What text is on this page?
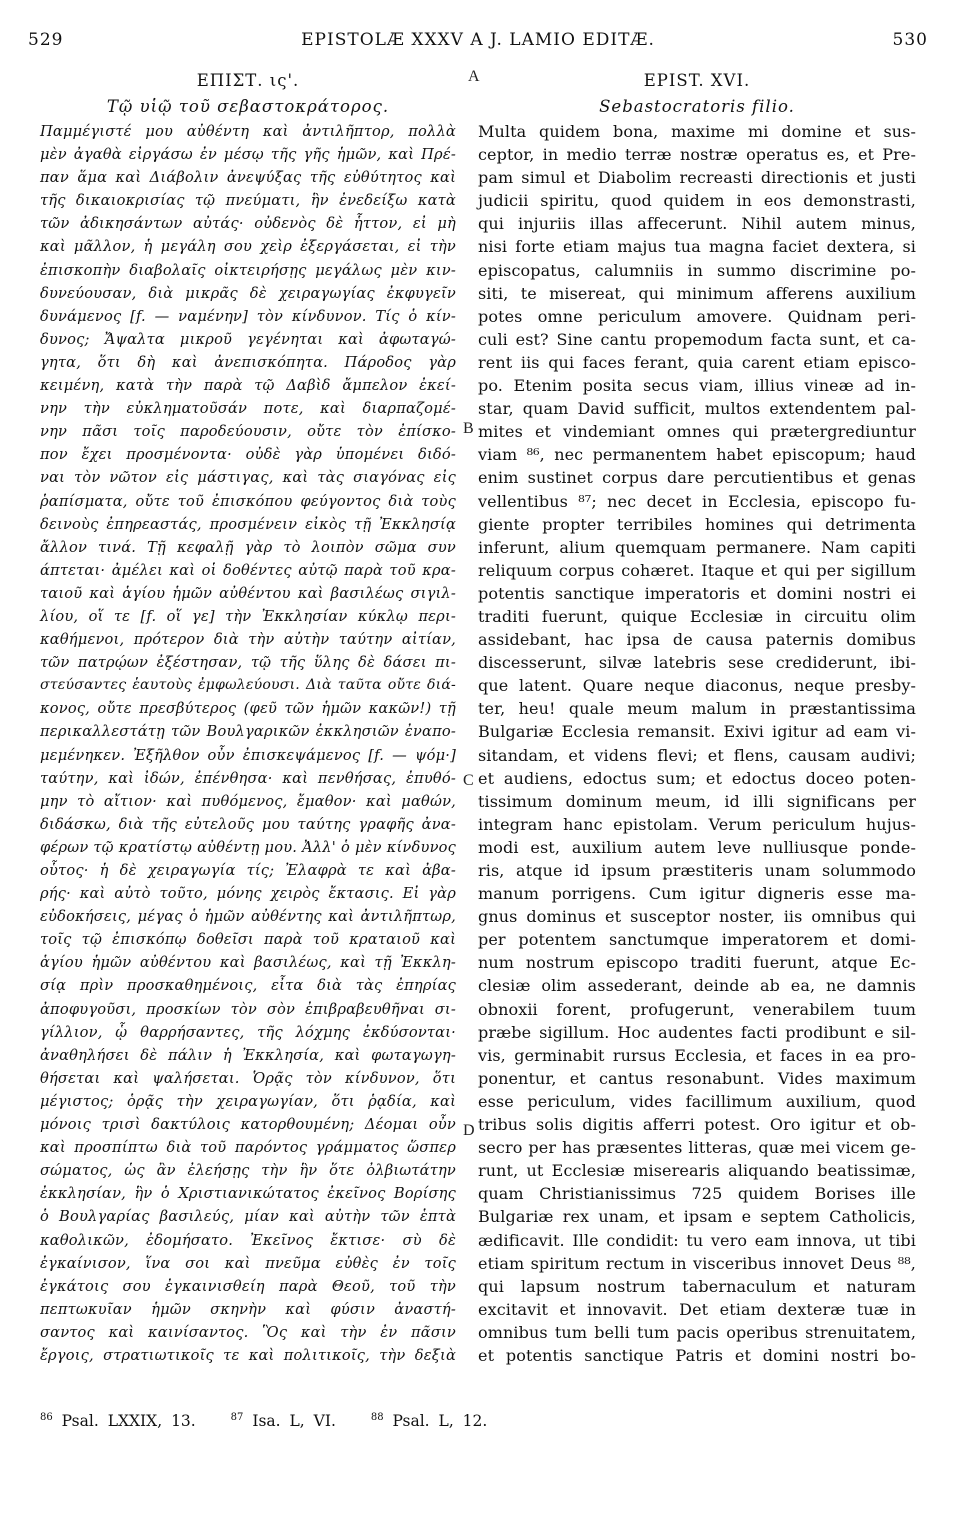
529	EPISTOLÆ XXXV A J. LAMIO EDITÆ.	530
A
B
C
D
ΕΠΙΣΤ. ις'.
Τῷ υἱῷ τοῦ σεβαστοκράτορος.
Παμμέγιστέ μου αὐθέντη καὶ ἀντιλῆπτορ, πολλὰ
μὲν ἀγαθὰ εἰργάσω ἐν μέσῳ τῆς γῆς ἡμῶν, καὶ Πρέ-
παν ἅμα καὶ Διάβολιν ἀνεψύξας τῆς εὐθύτητος καὶ
τῆς δικαιοκρισίας τῷ πνεύματι, ἣν ἐνεδείξω κατὰ
τῶν ἀδικησάντων αὐτάς· οὐδενὸς δὲ ἧττον, εἰ μὴ
καὶ μᾶλλον, ἡ μεγάλη σου χεὶρ ἐξεργάσεται, εἰ τὴν
ἐπισκοπὴν διαβολαῖς οἰκτειρήσῃς μεγάλως μὲν κιν-
δυνεύουσαν, διὰ μικρᾶς δὲ χειραγωγίας ἐκφυγεῖν
δυνάμενος [f. — ναμένην] τὸν κίνδυνον. Τίς ὁ κίν-
δυνος; Ἄψαλτα μικροῦ γεγένηται καὶ ἀφωταγώ-
γητα, ὅτι δὴ καὶ ἀνεπισκόπητα. Πάροδος γὰρ
κειμένη, κατὰ τὴν παρὰ τῷ Δαβὶδ ἄμπελον ἐκεί-
νην τὴν εὐκληματοῦσάν ποτε, καὶ διαρπαζομέ-
νην πᾶσι τοῖς παροδεύουσιν, οὔτε τὸν ἐπίσκο-
πον ἔχει προσμένοντα· οὐδὲ γὰρ ὑπομένει διδό-
ναι τὸν νῶτον εἰς μάστιγας, καὶ τὰς σιαγόνας εἰς
ῥαπίσματα, οὔτε τοῦ ἐπισκόπου φεύγοντος διὰ τοὺς
δεινοὺς ἐπηρεαστάς, προσμένειν εἰκὸς τῇ Ἐκκλησίᾳ
ἄλλον τινά. Τῇ κεφαλῇ γὰρ τὸ λοιπὸν σῶμα συν
άπτεται· ἀμέλει καὶ οἱ δοθέντες αὐτῷ παρὰ τοῦ κρα-
ταιοῦ καὶ ἁγίου ἡμῶν αὐθέντου καὶ βασιλέως σιγιλ-
λίου, οἵ τε [f. οἵ γε] τὴν Ἐκκλησίαν κύκλῳ περι-
καθήμενοι, πρότερον διὰ τὴν αὐτὴν ταύτην αἰτίαν,
τῶν πατρῴων ἐξέστησαν, τῷ τῆς ὕλης δὲ δάσει πι-
στεύσαντες ἑαυτοὺς ἐμφωλεύουσι. Διὰ ταῦτα οὔτε διά-
κονος, οὔτε πρεσβύτερος (φεῦ τῶν ἡμῶν κακῶν!) τῇ
περικαλλεστάτῃ τῶν Βουλγαρικῶν ἐκκλησιῶν ἐναπο-
μεμένηκεν. Ἐξῆλθον οὖν ἐπισκεψάμενος [f. — ψόμ·]
ταύτην, καὶ ἰδών, ἐπένθησα· καὶ πενθήσας, ἐπυθό-
μην τὸ αἴτιον· καὶ πυθόμενος, ἔμαθον· καὶ μαθών,
διδάσκω, διὰ τῆς εὐτελοῦς μου ταύτης γραφῆς ἀνα-
φέρων τῷ κρατίστῳ αὐθέντῃ μου. Ἀλλ' ὁ μὲν κίνδυνος
οὗτος· ἡ δὲ χειραγωγία τίς; Ἐλαφρὰ τε καὶ ἀβα-
ρής· καὶ αὐτὸ τοῦτο, μόνης χειρὸς ἔκτασις. Εἰ γὰρ
εὐδοκήσεις, μέγας ὁ ἡμῶν αὐθέντης καὶ ἀντιλῆπτωρ,
τοῖς τῷ ἐπισκόπῳ δοθεῖσι παρὰ τοῦ κραταιοῦ καὶ
ἁγίου ἡμῶν αὐθέντου καὶ βασιλέως, καὶ τῇ Ἐκκλη-
σίᾳ πρὶν προσκαθημένοις, εἶτα διὰ τὰς ἐπηρίας
ἀποφυγοῦσι, προσκίων τὸν σὸν ἐπιβραβευθῆναι σι-
γίλλιον, ᾧ θαρρήσαντες, τῆς λόχμης ἐκδύσονται·
ἀναθηλήσει δὲ πάλιν ἡ Ἐκκλησία, καὶ φωταγωγη-
θήσεται καὶ ψαλήσεται. Ὁρᾷς τὸν κίνδυνον, ὅτι
μέγιστος; ὁρᾷς τὴν χειραγωγίαν, ὅτι ῥᾳδία, καὶ
μόνοις τρισὶ δακτύλοις κατορθουμένη; Δέομαι οὖν
καὶ προσπίπτω διὰ τοῦ παρόντος γράμματος ὥσπερ
σώματος, ὡς ἂν ἐλεήσῃς τὴν ἣν ὅτε ὀλβιωτάτην
ἐκκλησίαν, ἣν ὁ Χριστιανικώτατος ἐκεῖνος Βορίσης
ὁ Βουλγαρίας βασιλεύς, μίαν καὶ αὐτὴν τῶν ἑπτὰ
καθολικῶν, ἐδομήσατο. Ἐκεῖνος ἔκτισε· σὺ δὲ
ἐγκαίνισον, ἵνα σοι καὶ πνεῦμα εὐθὲς ἐν τοῖς
ἐγκάτοις σου ἐγκαινισθείη παρὰ Θεοῦ, τοῦ τὴν
πεπτωκυῖαν ἡμῶν σκηνὴν καὶ φύσιν ἀναστή-
σαντος καὶ καινίσαντος. Ὃς καὶ τὴν ἐν πᾶσιν
ἔργοις, στρατιωτικοῖς τε καὶ πολιτικοῖς, τὴν δεξιὰ
EPIST. XVI.
Sebastocratoris filio.
Multa quidem bona, maxime mi domine et sus-
ceptor, in medio terræ nostræ operatus es, et Pre-
pam simul et Diabolim recreasti directionis et justi
judicii spiritu, quod quidem in eos demonstrasti,
qui injuriis illas affecerunt. Nihil autem minus,
nisi forte etiam majus tua magna faciet dextera, si
episcopatus, calumniis in summo discrimine po-
siti, te misereat, qui minimum afferens auxilium
potes omne periculum amovere. Quidnam peri-
culi est? Sine cantu propemodum facta sunt, et ca-
rent iis qui faces ferant, quia carent etiam episco-
po. Etenim posita secus viam, illius vineæ ad in-
star, quam David sufficit, multos extendentem pal-
mites et vindemiant omnes qui prætergrediuntur
viam ⁸⁶, nec permanentem habet episcopum; haud
enim sustinet corpus dare percutientibus et genas
vellentibus ⁸⁷; nec decet in Ecclesia, episcopo fu-
giente propter terribiles homines qui detrimenta
inferunt, alium quemquam permanere. Nam capiti
reliquum corpus cohæret. Itaque et qui per sigillum
potentis sanctique imperatoris et domini nostri ei
traditi fuerunt, quique Ecclesiæ in circuitu olim
assidebant, hac ipsa de causa paternis domibus
discesserunt, silvæ latebris sese crediderunt, ibi-
que latent. Quare neque diaconus, neque presby-
ter, heu! quale meum malum in præstantissima
Bulgariæ Ecclesia remansit. Exivi igitur ad eam vi-
sitandam, et videns flevi; et flens, causam audivi;
et audiens, edoctus sum; et edoctus doceo poten-
tissimum dominum meum, id illi significans per
integram hanc epistolam. Verum periculum hujus-
modi est, auxilium autem leve nulliusque ponde-
ris, atque id ipsum præstiteris unam solummodo
manum porrigens. Cum igitur digneris esse ma-
gnus dominus et susceptor noster, iis omnibus qui
per potentem sanctumque imperatorem et domi-
num nostrum episcopo traditi fuerunt, atque Ec-
clesiæ olim assederant, deinde ab ea, ne damnis
obnoxii forent, profugerunt, venerabilem tuum
præbe sigillum. Hoc audentes facti prodibunt e sil-
vis, germinabit rursus Ecclesia, et faces in ea pro-
ponentur, et cantus resonabunt. Vides maximum
esse periculum, vides facillimum auxilium, quod
tribus solis digitis afferri potest. Oro igitur et ob-
secro per has præsentes litteras, quæ mei vicem ge-
runt, ut Ecclesiæ miserearis aliquando beatissimæ,
quam Christianissimus 725 quidem Borises ille
Bulgariæ rex unam, et ipsam e septem Catholicis,
ædificavit. Ille condidit: tu vero eam innova, ut tibi
etiam spiritum rectum in visceribus innovet Deus ⁸⁸,
qui lapsum nostrum tabernaculum et naturam
excitavit et innovavit. Det etiam dexteræ tuæ in
omnibus tum belli tum pacis operibus strenuitatem,
et potentis sanctique Patris et domini nostri bo-
$^{86}$ Psal. LXXIX, 13.	$^{87}$ Isa. L, VI.	$^{88}$ Psal. L, 12.
